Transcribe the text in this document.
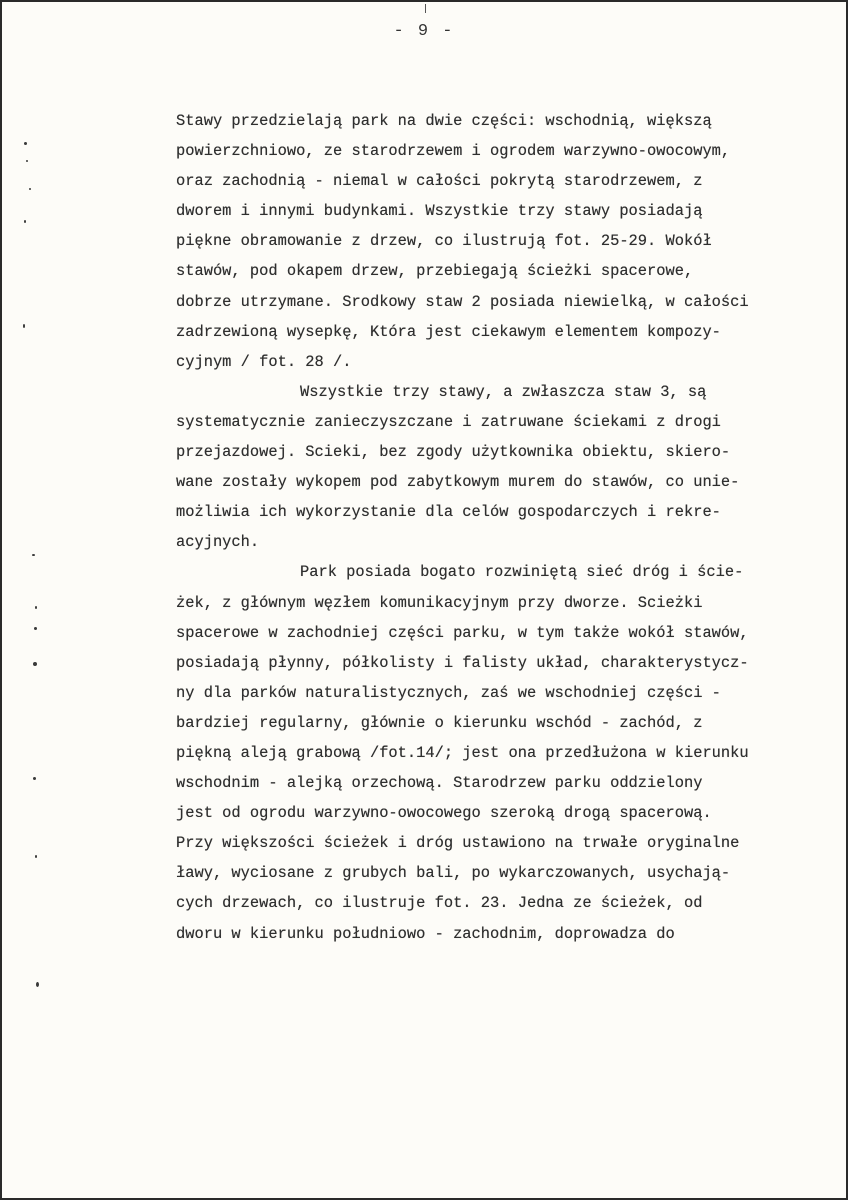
- 9 -
Stawy przedzielają park na dwie części: wschodnią, większą
powierzchniowo, ze starodrzewem i ogrodem warzywno-owocowym,
oraz zachodnią - niemal w całości pokrytą starodrzewem, z
dworem i innymi budynkami. Wszystkie trzy stawy posiadają
piękne obramowanie z drzew, co ilustrują fot. 25-29. Wokół
stawów, pod okapem drzew, przebiegają ścieżki spacerowe,
dobrze utrzymane. Srodkowy staw 2 posiada niewielką, w całości
zadrzewioną wysepkę, Która jest ciekawym elementem kompozy-
cyjnym / fot. 28 /.
Wszystkie trzy stawy, a zwłaszcza staw 3, są
systematycznie zanieczyszczane i zatruwane ściekami z drogi
przejazdowej. Scieki, bez zgody użytkownika obiektu, skiero-
wane zostały wykopem pod zabytkowym murem do stawów, co unie-
możliwia ich wykorzystanie dla celów gospodarczych i rekre-
acyjnych.
Park posiada bogato rozwiniętą sieć dróg i ście-
żek, z głównym węzłem komunikacyjnym przy dworze. Scieżki
spacerowe w zachodniej części parku, w tym także wokół stawów,
posiadają płynny, półkolisty i falisty układ, charakterystycz-
ny dla parków naturalistycznych, zaś we wschodniej części -
bardziej regularny, głównie o kierunku wschód - zachód, z
piękną aleją grabową /fot.14/; jest ona przedłużona w kierunku
wschodnim - alejką orzechową. Starodrzew parku oddzielony
jest od ogrodu warzywno-owocowego szeroką drogą spacerową.
Przy większości ścieżek i dróg ustawiono na trwałe oryginalne
ławy, wyciosane z grubych bali, po wykarczowanych, usychają-
cych drzewach, co ilustruje fot. 23. Jedna ze ścieżek, od
dworu w kierunku południowo - zachodnim, doprowadza do
